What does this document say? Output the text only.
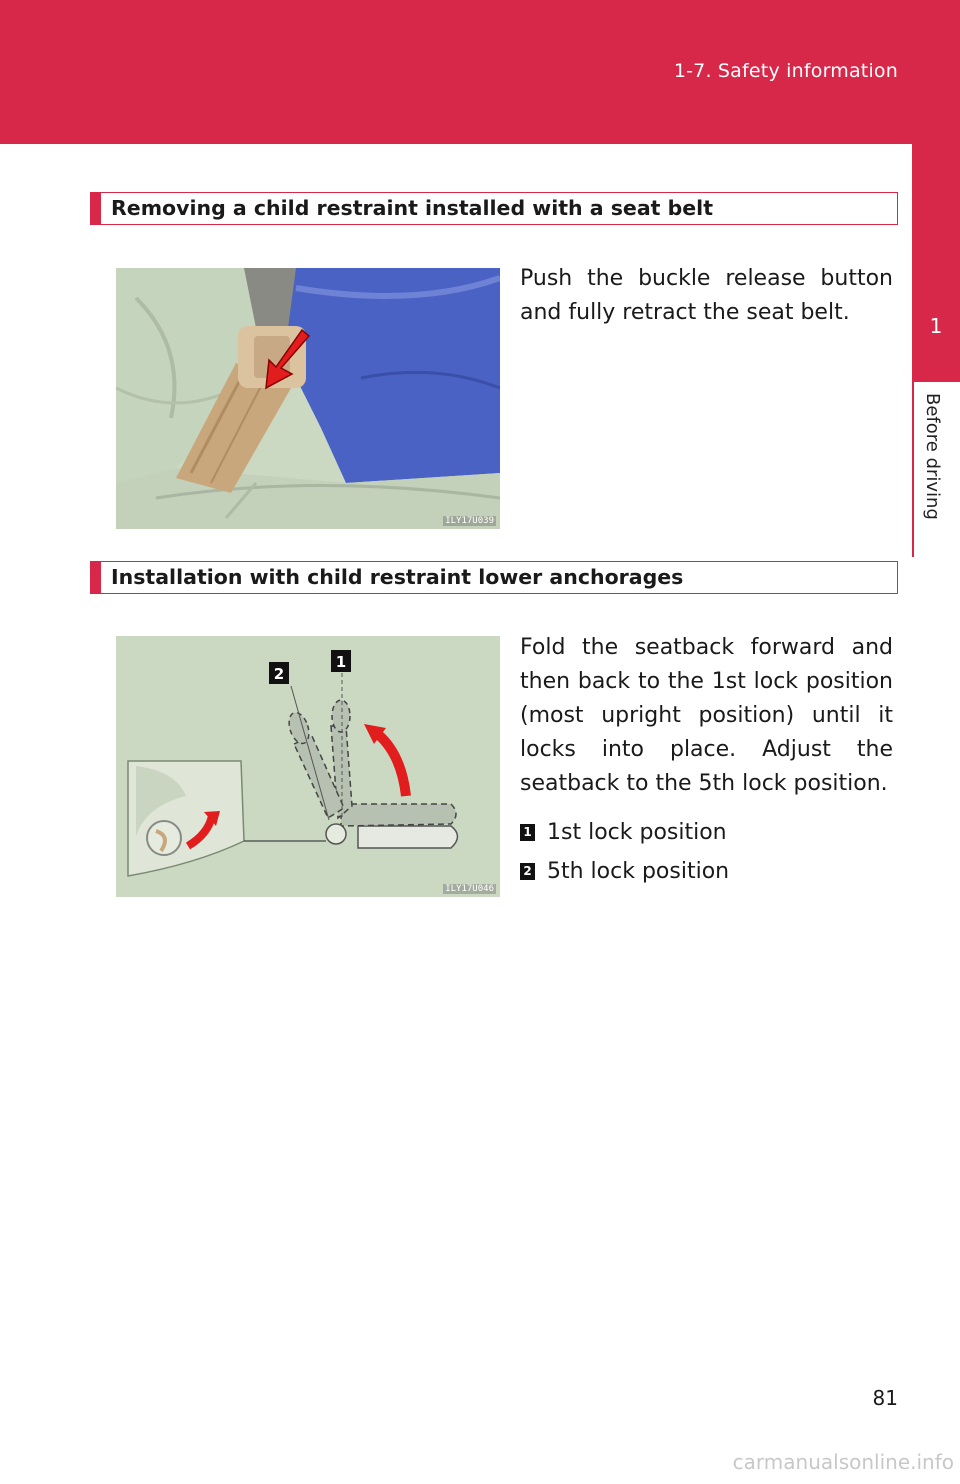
1-7. Safety information
1
Before driving
Removing a child restraint installed with a seat belt
ILY17U039

Push the buckle release button and fully retract the seat belt.

Installation with child restraint lower anchorages
2
1
ILY17U046

Fold the seatback forward and then back to the 1st lock position (most upright position) until it locks into place. Adjust the seatback to the 5th lock position.

1 1st lock position
2 5th lock position
81
carmanualsonline.info
